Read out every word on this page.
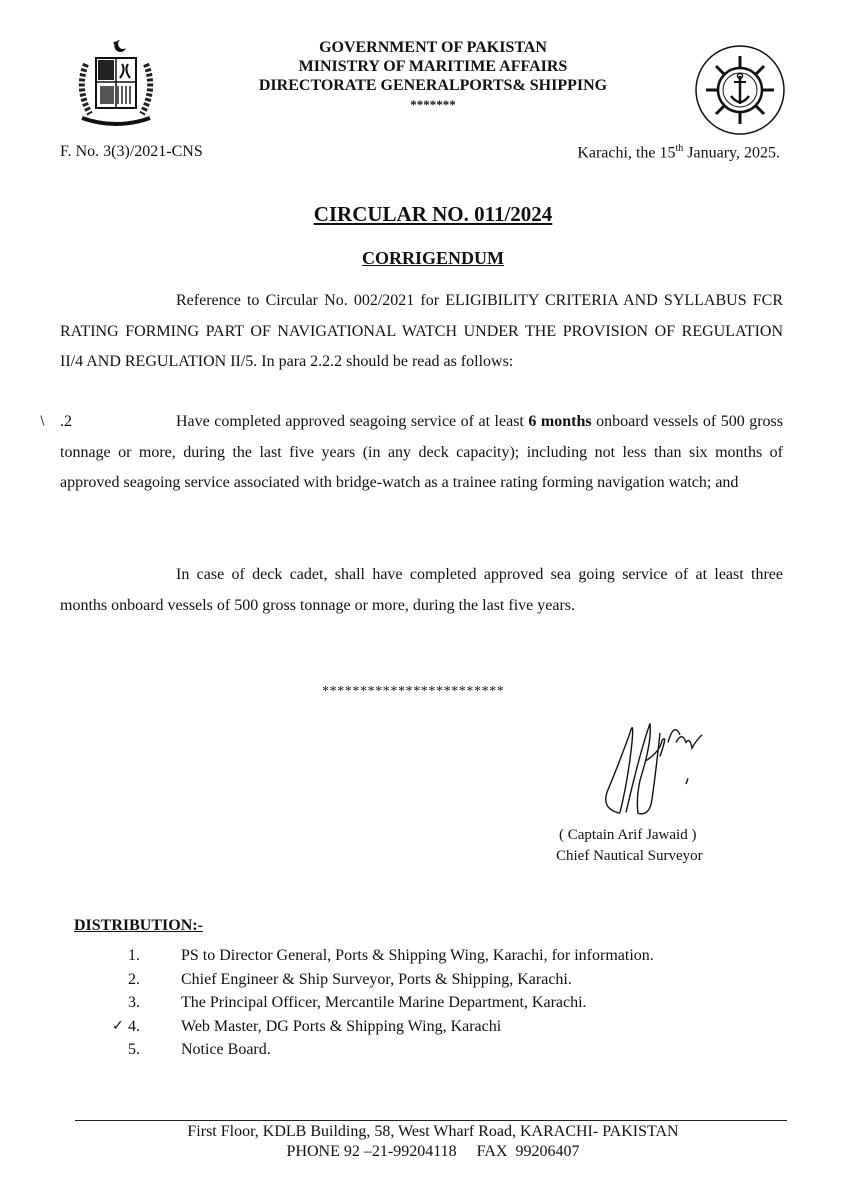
GOVERNMENT OF PAKISTAN
MINISTRY OF MARITIME AFFAIRS
DIRECTORATE GENERALPORTS& SHIPPING
*******
F. No. 3(3)/2021-CNS	Karachi, the 15th January, 2025.
CIRCULAR NO. 011/2024
CORRIGENDUM
Reference to Circular No. 002/2021 for ELIGIBILITY CRITERIA AND SYLLABUS FCR RATING FORMING PART OF NAVIGATIONAL WATCH UNDER THE PROVISION OF REGULATION II/4 AND REGULATION II/5. In para 2.2.2 should be read as follows:
∖ .2	Have completed approved seagoing service of at least 6 months onboard vessels of 500 gross tonnage or more, during the last five years (in any deck capacity); including not less than six months of approved seagoing service associated with bridge-watch as a trainee rating forming navigation watch; and
In case of deck cadet, shall have completed approved sea going service of at least three months onboard vessels of 500 gross tonnage or more, during the last five years.
************************
( Captain Arif Jawaid )
Chief Nautical Surveyor
DISTRIBUTION:-
1.	PS to Director General, Ports & Shipping Wing, Karachi, for information.
2.	Chief Engineer & Ship Surveyor, Ports & Shipping, Karachi.
3.	The Principal Officer, Mercantile Marine Department, Karachi.
✓ 4.	Web Master, DG Ports & Shipping Wing, Karachi
5.	Notice Board.
First Floor, KDLB Building, 58, West Wharf Road, KARACHI- PAKISTAN
PHONE 92 –21-99204118     FAX  99206407
